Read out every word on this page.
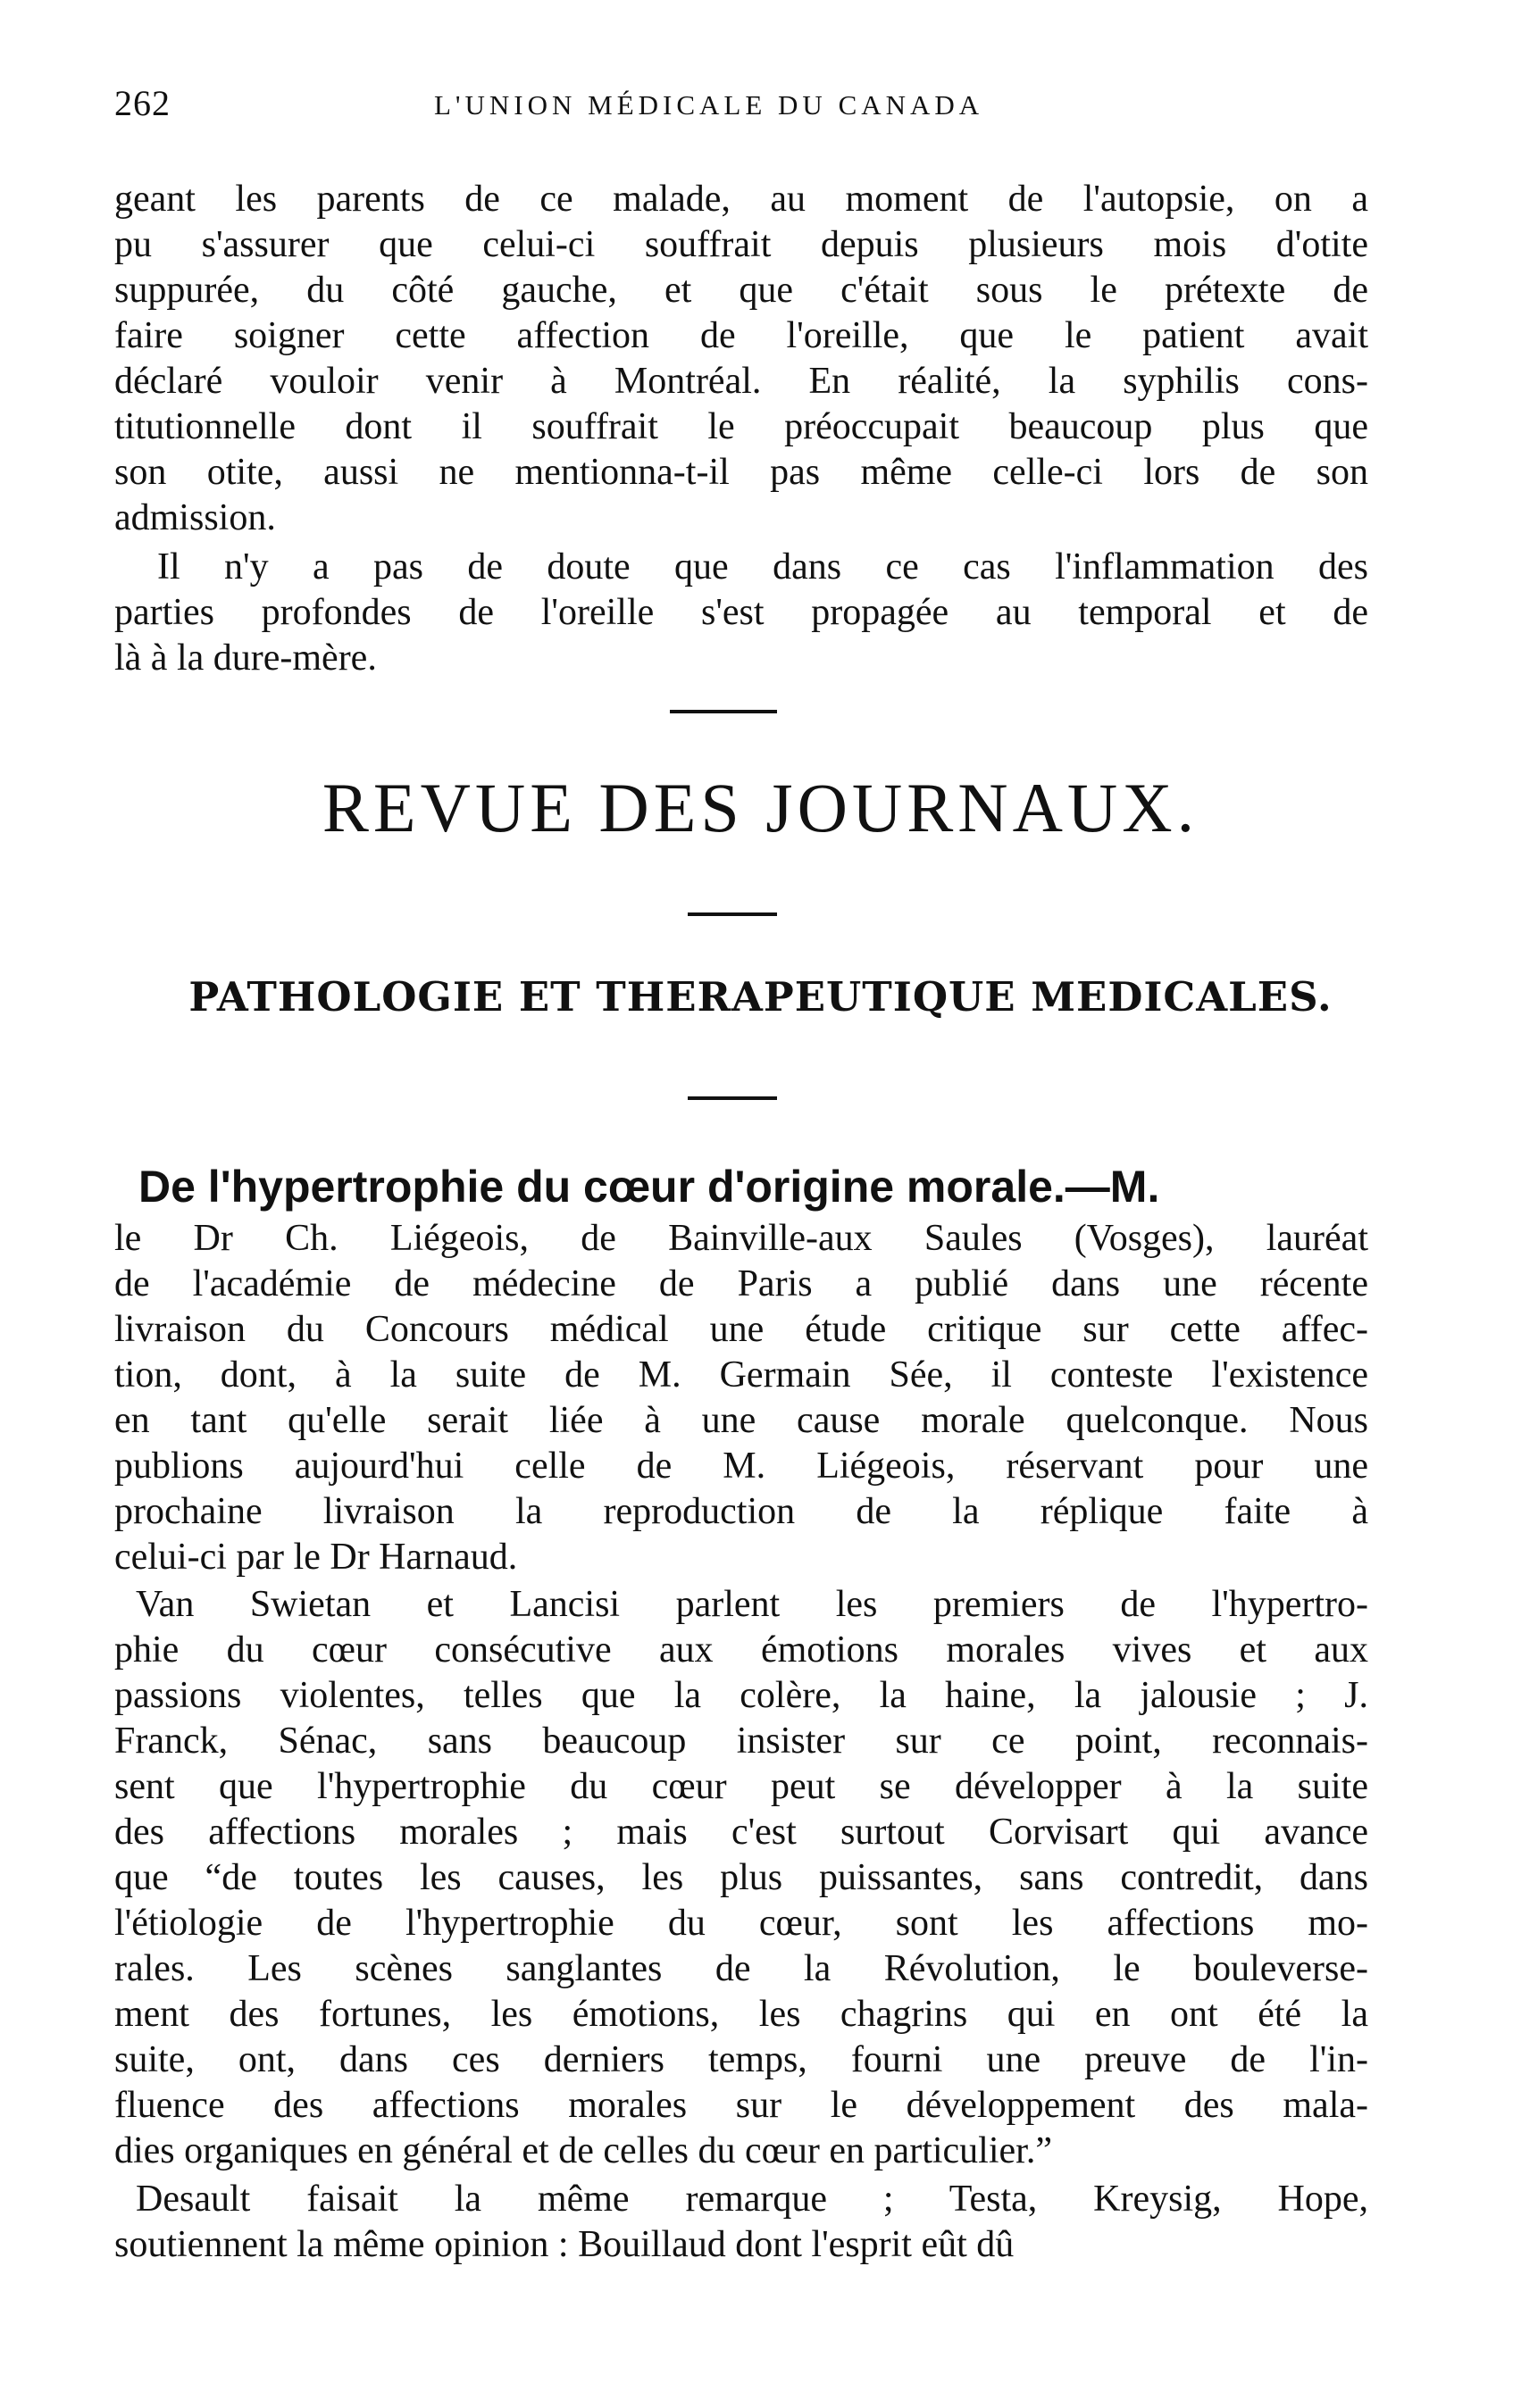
262	L'UNION MÉDICALE DU CANADA
geant les parents de ce malade, au moment de l'autopsie, on a
pu s'assurer que celui-ci souffrait depuis plusieurs mois d'otite
suppurée, du côté gauche, et que c'était sous le prétexte de
faire soigner cette affection de l'oreille, que le patient avait
déclaré vouloir venir à Montréal. En réalité, la syphilis cons-
titutionnelle dont il souffrait le préoccupait beaucoup plus que
son otite, aussi ne mentionna-t-il pas même celle-ci lors de son
admission.
Il n'y a pas de doute que dans ce cas l'inflammation des
parties profondes de l'oreille s'est propagée au temporal et de
là à la dure-mère.
REVUE DES JOURNAUX.
PATHOLOGIE ET THERAPEUTIQUE MEDICALES.
De l'hypertrophie du cœur d'origine morale.—M.
le Dr Ch. Liégeois, de Bainville-aux Saules (Vosges), lauréat
de l'académie de médecine de Paris a publié dans une récente
livraison du Concours médical une étude critique sur cette affec-
tion, dont, à la suite de M. Germain Sée, il conteste l'existence
en tant qu'elle serait liée à une cause morale quelconque. Nous
publions aujourd'hui celle de M. Liégeois, réservant pour une
prochaine livraison la reproduction de la réplique faite à
celui-ci par le Dr Harnaud.
Van Swietan et Lancisi parlent les premiers de l'hypertro-
phie du cœur consécutive aux émotions morales vives et aux
passions violentes, telles que la colère, la haine, la jalousie ; J.
Franck, Sénac, sans beaucoup insister sur ce point, reconnais-
sent que l'hypertrophie du cœur peut se développer à la suite
des affections morales ; mais c'est surtout Corvisart qui avance
que “de toutes les causes, les plus puissantes, sans contredit, dans
l'étiologie de l'hypertrophie du cœur, sont les affections mo-
rales. Les scènes sanglantes de la Révolution, le bouleverse-
ment des fortunes, les émotions, les chagrins qui en ont été la
suite, ont, dans ces derniers temps, fourni une preuve de l'in-
fluence des affections morales sur le développement des mala-
dies organiques en général et de celles du cœur en particulier.”
Desault faisait la même remarque ; Testa, Kreysig, Hope,
soutiennent la même opinion : Bouillaud dont l'esprit eût dû
